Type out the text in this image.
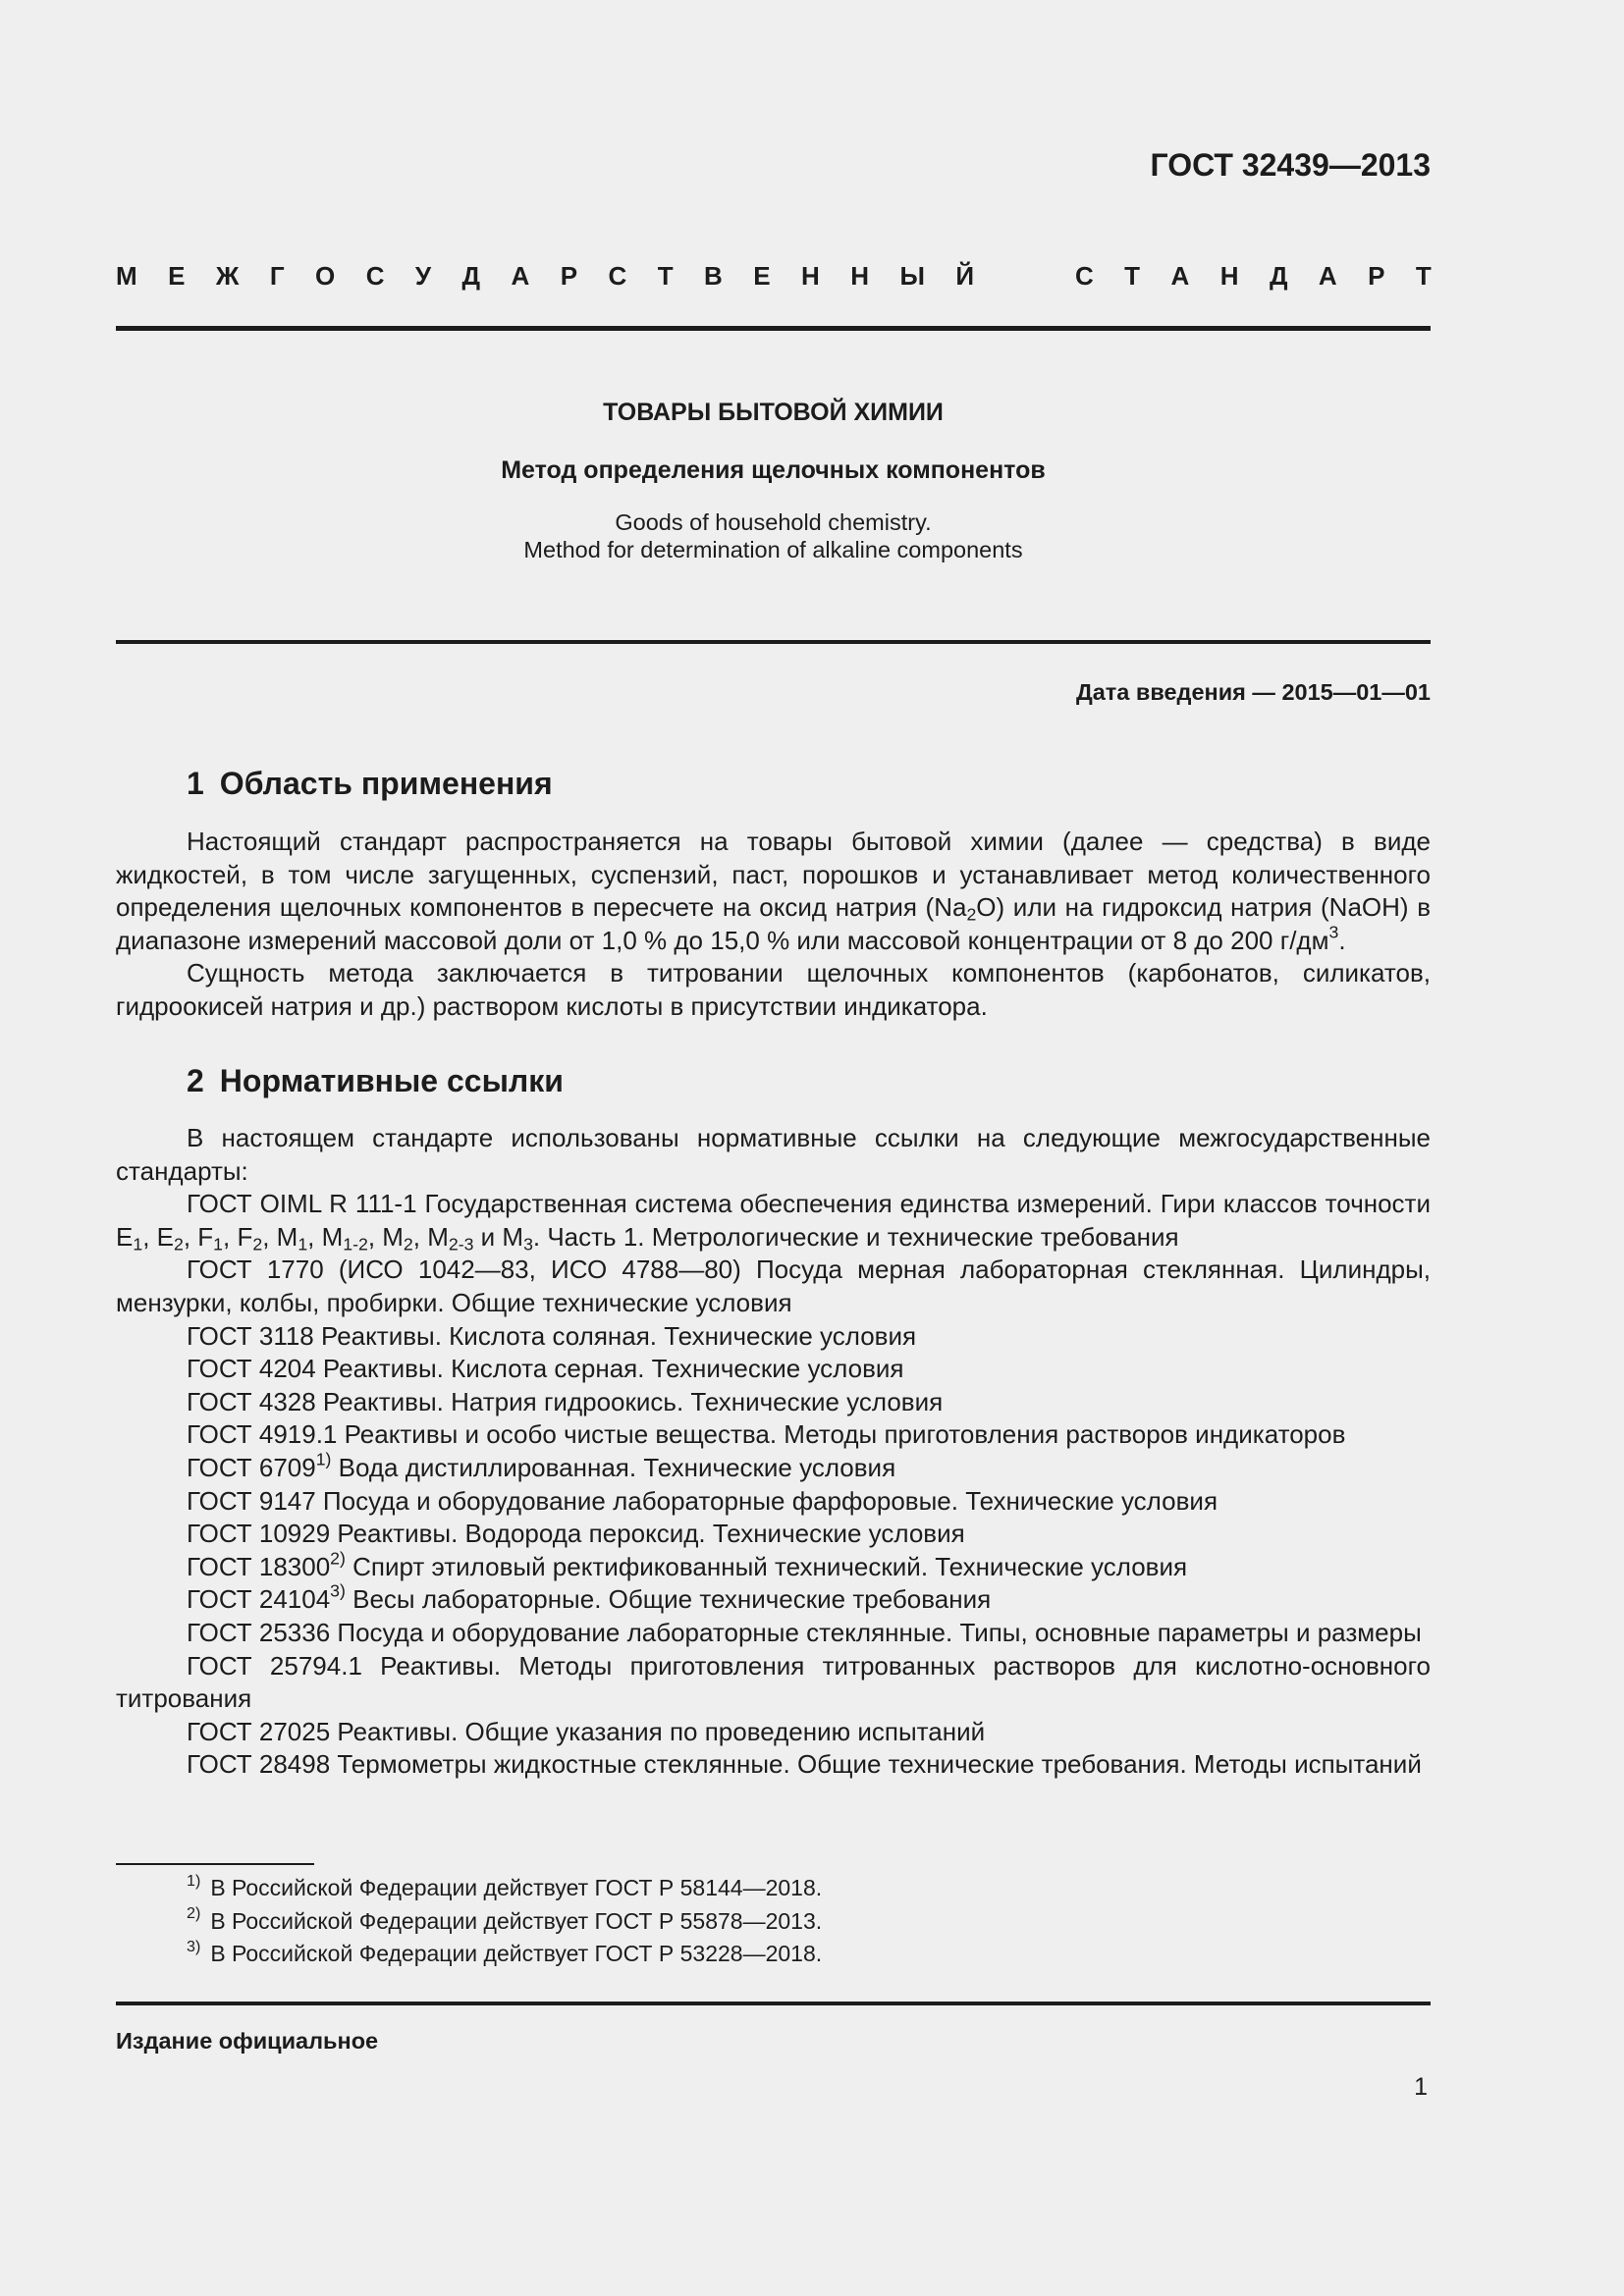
ГОСТ 32439—2013
М Е Ж Г О С У Д А Р С Т В Е Н Н Ы Й	С Т А Н Д А Р Т
ТОВАРЫ БЫТОВОЙ ХИМИИ
Метод определения щелочных компонентов
Goods of household chemistry.
Method for determination of alkaline components
Дата введения — 2015—01—01
1 Область применения

Настоящий стандарт распространяется на товары бытовой химии (далее — средства) в виде жидкостей, в том числе загущенных, суспензий, паст, порошков и устанавливает метод количественного определения щелочных компонентов в пересчете на оксид натрия $(Na_2O)$ или на гидроксид натрия (NaOH) в диапазоне измерений массовой доли от 1,0 % до 15,0 % или массовой концентрации от 8 до 200 $г/дм^3$.

Сущность метода заключается в титровании щелочных компонентов (карбонатов, силикатов, гидроокисей натрия и др.) раствором кислоты в присутствии индикатора.

2 Нормативные ссылки

В настоящем стандарте использованы нормативные ссылки на следующие межгосударственные стандарты:

ГОСТ OIML R 111-1 Государственная система обеспечения единства измерений. Гири классов точности $E_1$, $E_2$, $F_1$, $F_2$, $M_1$, $M_{1-2}$, $M_2$, $M_{2-3}$ и $M_3$. Часть 1. Метрологические и технические требования

ГОСТ 1770 (ИСО 1042—83, ИСО 4788—80) Посуда мерная лабораторная стеклянная. Цилиндры, мензурки, колбы, пробирки. Общие технические условия

ГОСТ 3118 Реактивы. Кислота соляная. Технические условия

ГОСТ 4204 Реактивы. Кислота серная. Технические условия

ГОСТ 4328 Реактивы. Натрия гидроокись. Технические условия

ГОСТ 4919.1 Реактивы и особо чистые вещества. Методы приготовления растворов индикаторов

ГОСТ 6709$^{1)}$ Вода дистиллированная. Технические условия

ГОСТ 9147 Посуда и оборудование лабораторные фарфоровые. Технические условия

ГОСТ 10929 Реактивы. Водорода пероксид. Технические условия

ГОСТ 18300$^{2)}$ Спирт этиловый ректификованный технический. Технические условия

ГОСТ 24104$^{3)}$ Весы лабораторные. Общие технические требования

ГОСТ 25336 Посуда и оборудование лабораторные стеклянные. Типы, основные параметры и размеры

ГОСТ 25794.1 Реактивы. Методы приготовления титрованных растворов для кислотно-основного титрования

ГОСТ 27025 Реактивы. Общие указания по проведению испытаний

ГОСТ 28498 Термометры жидкостные стеклянные. Общие технические требования. Методы испытаний

$^{1)}$ В Российской Федерации действует ГОСТ Р 58144—2018.
$^{2)}$ В Российской Федерации действует ГОСТ Р 55878—2013.
$^{3)}$ В Российской Федерации действует ГОСТ Р 53228—2018.
Издание официальное
1
